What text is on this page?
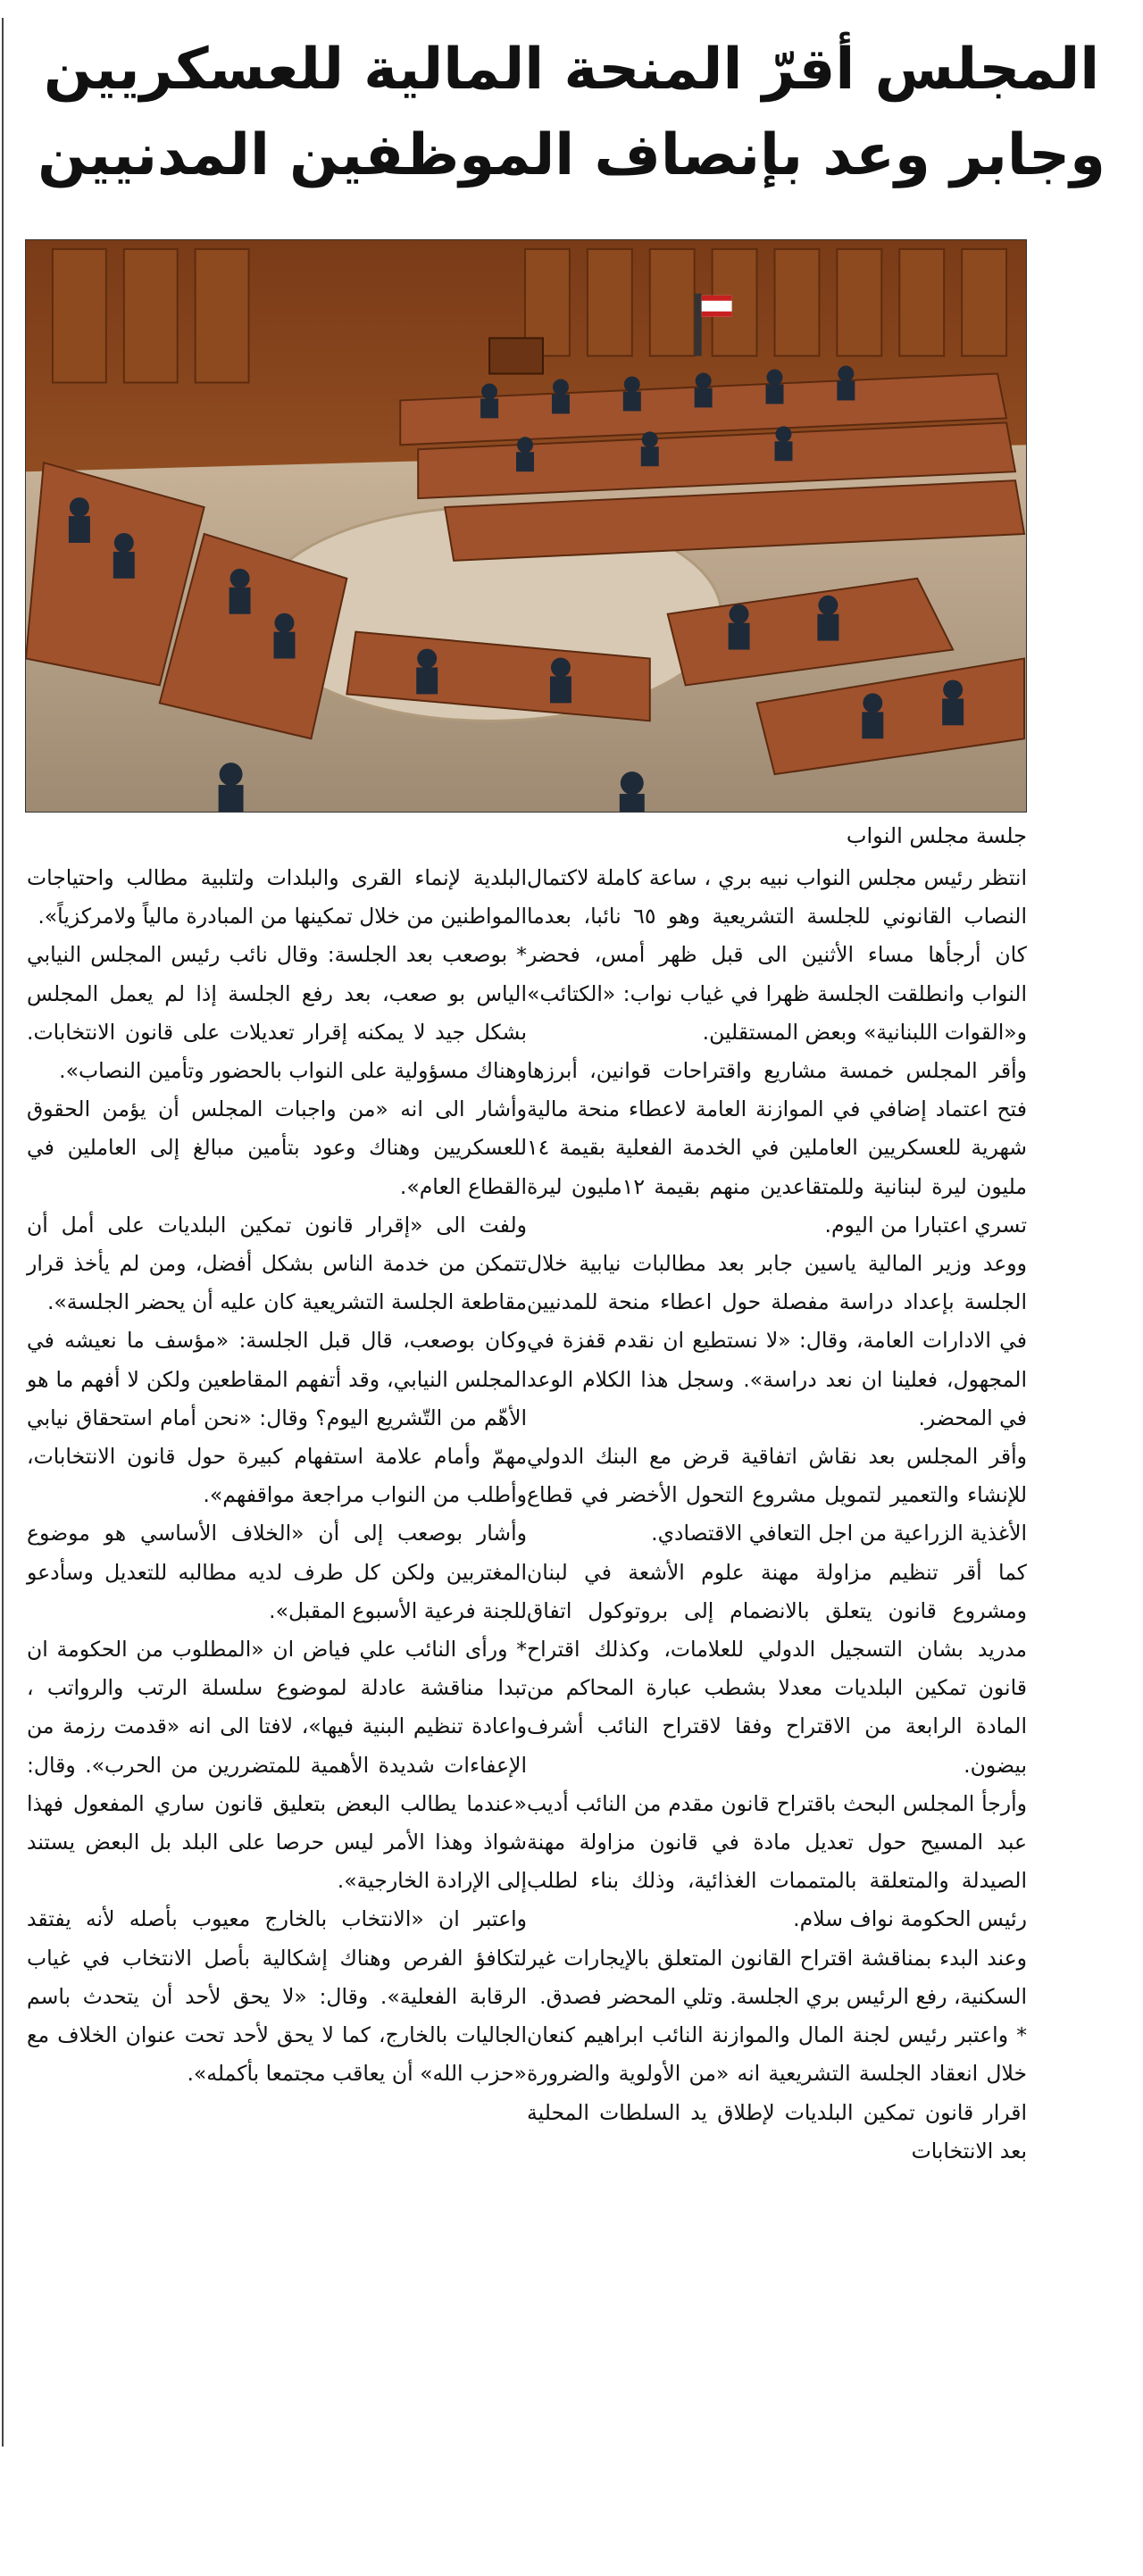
المجلس أقرّ المنحة المالية للعسكريين
وجابر وعد بإنصاف الموظفين المدنيين
جلسة مجلس النواب

انتظر رئيس مجلس النواب نبيه بري ، ساعة كاملة لاكتمال النصاب القانوني للجلسة التشريعية وهو ٦٥ نائبا، بعدما كان أرجأها مساء الأثنين الى قبل ظهر أمس، فحضر النواب وانطلقت الجلسة ظهرا في غياب نواب: «الكتائب» و«القوات اللبنانية» وبعض المستقلين.

وأقر المجلس خمسة مشاريع واقتراحات قوانين، أبرزها فتح اعتماد إضافي في الموازنة العامة لاعطاء منحة مالية شهرية للعسكريين العاملين في الخدمة الفعلية بقيمة ١٤ مليون ليرة لبنانية وللمتقاعدين منهم بقيمة ١٢مليون ليرة تسري اعتبارا من اليوم.

ووعد وزير المالية ياسين جابر بعد مطالبات نيابية خلال الجلسة بإعداد دراسة مفصلة حول اعطاء منحة للمدنيين في الادارات العامة، وقال: «لا نستطيع ان نقدم قفزة في المجهول، فعلينا ان نعد دراسة». وسجل هذا الكلام الوعد في المحضر.

وأقر المجلس بعد نقاش اتفاقية قرض مع البنك الدولي للإنشاء والتعمير لتمويل مشروع التحول الأخضر في قطاع الأغذية الزراعية من اجل التعافي الاقتصادي.

كما أقر تنظيم مزاولة مهنة علوم الأشعة في لبنان ومشروع قانون يتعلق بالانضمام إلى بروتوكول اتفاق مدريد بشان التسجيل الدولي للعلامات، وكذلك اقتراح قانون تمكين البلديات معدلا بشطب عبارة المحاكم من المادة الرابعة من الاقتراح وفقا لاقتراح النائب أشرف بيضون.

وأرجأ المجلس البحث باقتراح قانون مقدم من النائب أديب عبد المسيح حول تعديل مادة في قانون مزاولة مهنة الصيدلة والمتعلقة بالمتممات الغذائية، وذلك بناء لطلب رئيس الحكومة نواف سلام.

وعند البدء بمناقشة اقتراح القانون المتعلق بالإيجارات غير السكنية، رفع الرئيس بري الجلسة. وتلي المحضر فصدق.

* واعتبر رئيس لجنة المال والموازنة النائب ابراهيم كنعان خلال انعقاد الجلسة التشريعية انه «من الأولوية والضرورة اقرار قانون تمكين البلديات لإطلاق يد السلطات المحلية بعد الانتخابات

البلدية لإنماء القرى والبلدات ولتلبية مطالب واحتياجات المواطنين من خلال تمكينها من المبادرة مالياً ولامركزياً».

* بوصعب بعد الجلسة: وقال نائب رئيس المجلس النيابي الياس بو صعب، بعد رفع الجلسة إذا لم يعمل المجلس بشكل جيد لا يمكنه إقرار تعديلات على قانون الانتخابات. وهناك مسؤولية على النواب بالحضور وتأمين النصاب».

وأشار الى انه «من واجبات المجلس أن يؤمن الحقوق للعسكريين وهناك وعود بتأمين مبالغ إلى العاملين في القطاع العام».

ولفت الى «إقرار قانون تمكين البلديات على أمل أن تتمكن من خدمة الناس بشكل أفضل، ومن لم يأخذ قرار مقاطعة الجلسة التشريعية كان عليه أن يحضر الجلسة».

وكان بوصعب، قال قبل الجلسة: «مؤسف ما نعيشه في المجلس النيابي، وقد أتفهم المقاطعين ولكن لا أفهم ما هو الأهّم من التّشريع اليوم؟ وقال: «نحن أمام استحقاق نيابي مهمّ وأمام علامة استفهام كبيرة حول قانون الانتخابات، وأطلب من النواب مراجعة مواقفهم».

وأشار بوصعب إلى أن «الخلاف الأساسي هو موضوع المغتربين ولكن كل طرف لديه مطالبه للتعديل وسأدعو للجنة فرعية الأسبوع المقبل».

* ورأى النائب علي فياض ان «المطلوب من الحكومة ان تبدا مناقشة عادلة لموضوع سلسلة الرتب والرواتب ، واعادة تنظيم البنية فيها»، لافتا الى انه «قدمت رزمة من الإعفاءات شديدة الأهمية للمتضررين من الحرب». وقال: «عندما يطالب البعض بتعليق قانون ساري المفعول فهذا شواذ وهذا الأمر ليس حرصا على البلد بل البعض يستند إلى الإرادة الخارجية».

واعتبر ان «الانتخاب بالخارج معيوب بأصله لأنه يفتقد لتكافؤ الفرص وهناك إشكالية بأصل الانتخاب في غياب الرقابة الفعلية». وقال: «لا يحق لأحد أن يتحدث باسم الجاليات بالخارج، كما لا يحق لأحد تحت عنوان الخلاف مع «حزب الله» أن يعاقب مجتمعا بأكمله».
